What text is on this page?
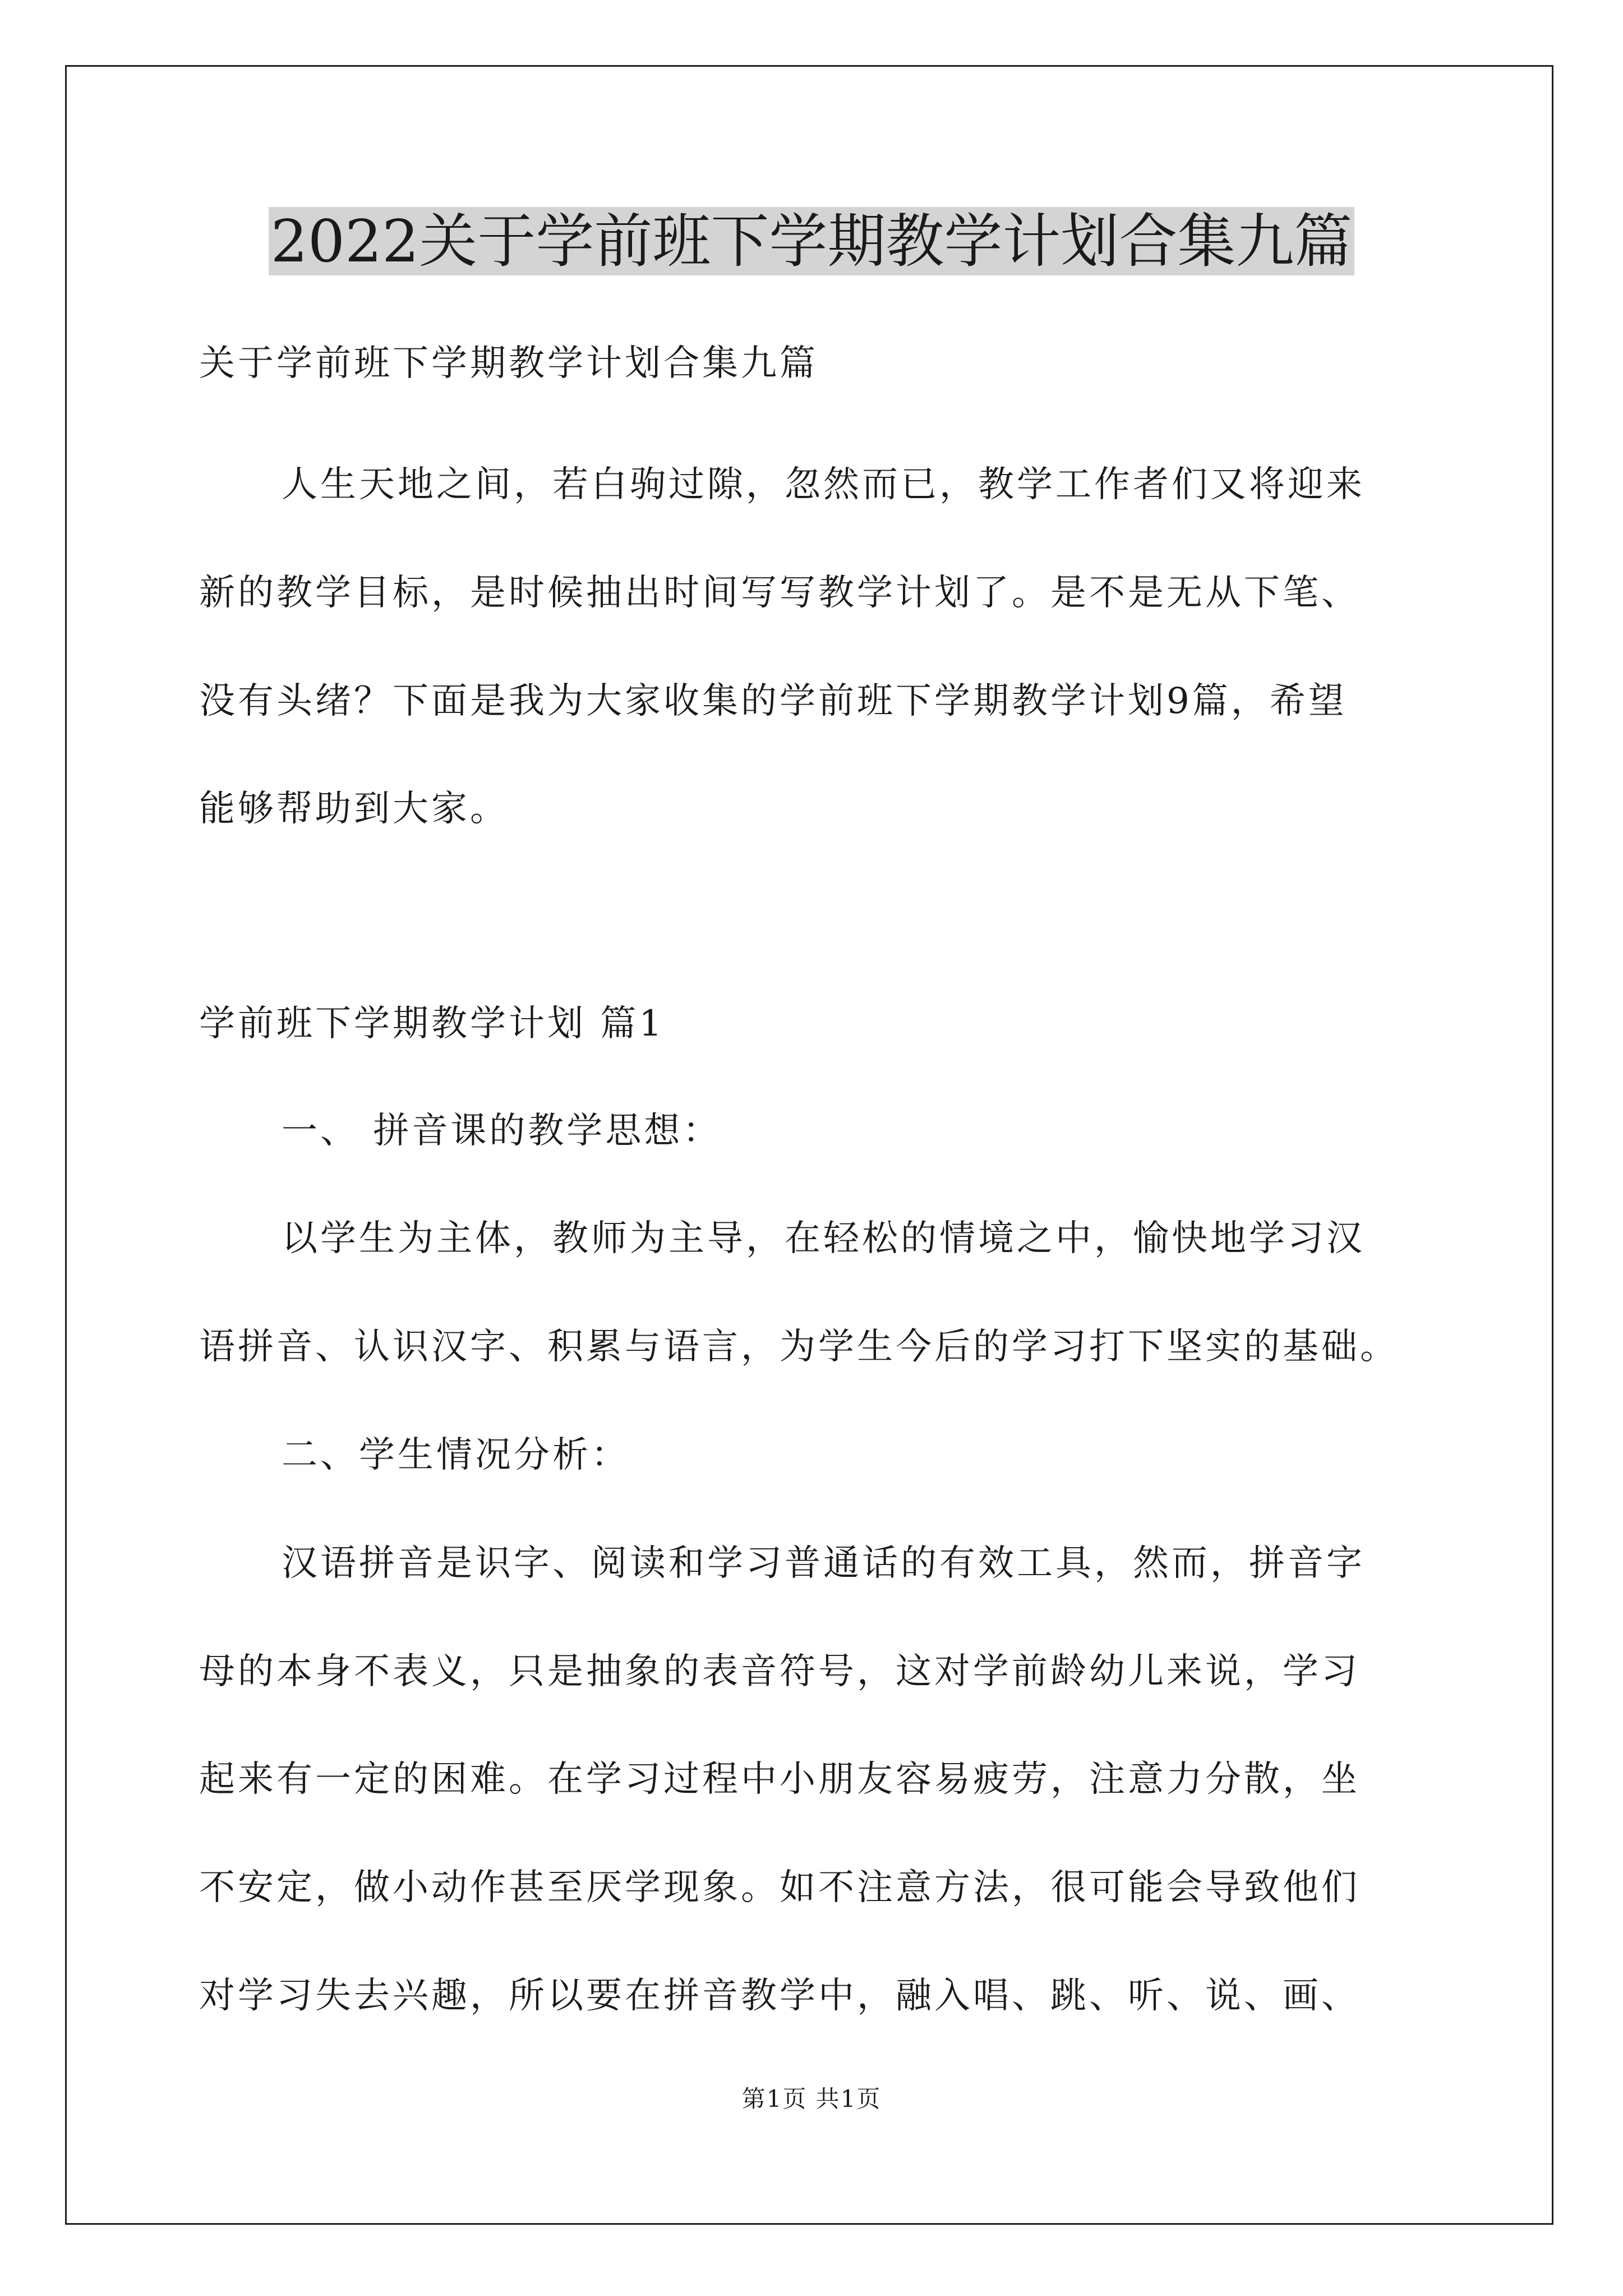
2022关于学前班下学期教学计划合集九篇

关于学前班下学期教学计划合集九篇

人生天地之间，若白驹过隙，忽然而已，教学工作者们又将迎来

新的教学目标，是时候抽出时间写写教学计划了。是不是无从下笔、

没有头绪？下面是我为大家收集的学前班下学期教学计划9篇，希望

能够帮助到大家。

学前班下学期教学计划 篇1

一、 拼音课的教学思想：

以学生为主体，教师为主导，在轻松的情境之中，愉快地学习汉

语拼音、认识汉字、积累与语言，为学生今后的学习打下坚实的基础。

二、学生情况分析：

汉语拼音是识字、阅读和学习普通话的有效工具，然而，拼音字

母的本身不表义，只是抽象的表音符号，这对学前龄幼儿来说，学习

起来有一定的困难。在学习过程中小朋友容易疲劳，注意力分散，坐

不安定，做小动作甚至厌学现象。如不注意方法，很可能会导致他们

对学习失去兴趣，所以要在拼音教学中，融入唱、跳、听、说、画、

第1页 共1页
